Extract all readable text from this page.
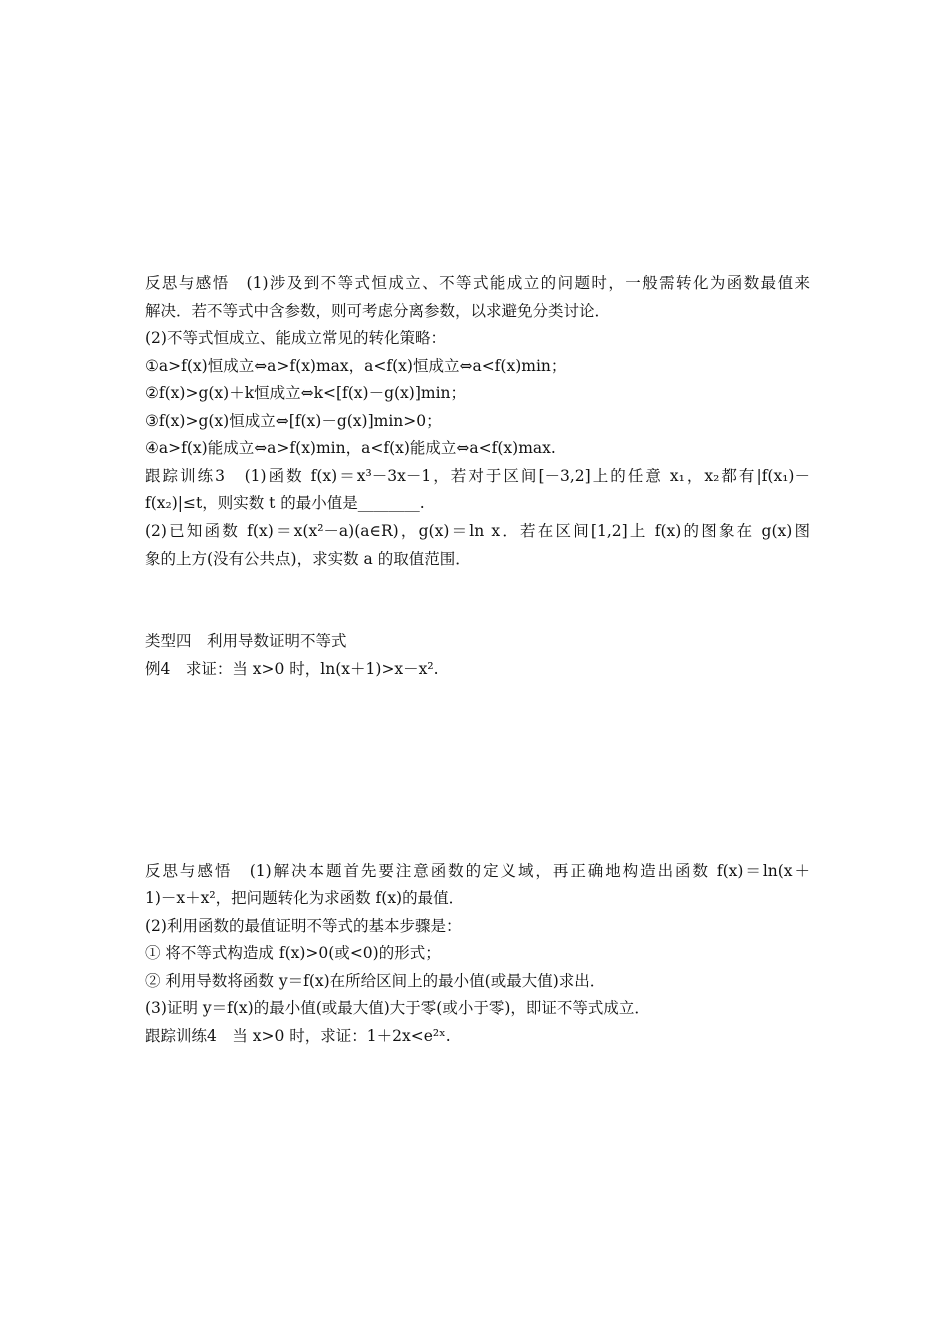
反思与感悟　(1)涉及到不等式恒成立、不等式能成立的问题时，一般需转化为函数最值来
解决．若不等式中含参数，则可考虑分离参数，以求避免分类讨论．
(2)不等式恒成立、能成立常见的转化策略：
①a>f(x)恒成立⇔a>f(x)max，a<f(x)恒成立⇔a<f(x)min；
②f(x)>g(x)＋k恒成立⇔k<[f(x)－g(x)]min；
③f(x)>g(x)恒成立⇔[f(x)－g(x)]min>0；
④a>f(x)能成立⇔a>f(x)min，a<f(x)能成立⇔a<f(x)max.
跟踪训练3　(1)函数 f(x)＝x³－3x－1，若对于区间[－3,2]上的任意 x₁，x₂都有|f(x₁)－
f(x₂)|≤t，则实数 t 的最小值是________.
(2)已知函数 f(x)＝x(x²－a)(a∈R)，g(x)＝ln x．若在区间[1,2]上 f(x)的图象在 g(x)图
象的上方(没有公共点)，求实数 a 的取值范围．
类型四　利用导数证明不等式
例4　求证：当 x>0 时，ln(x＋1)>x－x².
反思与感悟　(1)解决本题首先要注意函数的定义域，再正确地构造出函数 f(x)＝ln(x＋
1)－x＋x²，把问题转化为求函数 f(x)的最值．
(2)利用函数的最值证明不等式的基本步骤是：
① 将不等式构造成 f(x)>0(或<0)的形式；
② 利用导数将函数 y＝f(x)在所给区间上的最小值(或最大值)求出．
(3)证明 y＝f(x)的最小值(或最大值)大于零(或小于零)，即证不等式成立．
跟踪训练4　当 x>0 时，求证：1＋2x<e²ˣ.
